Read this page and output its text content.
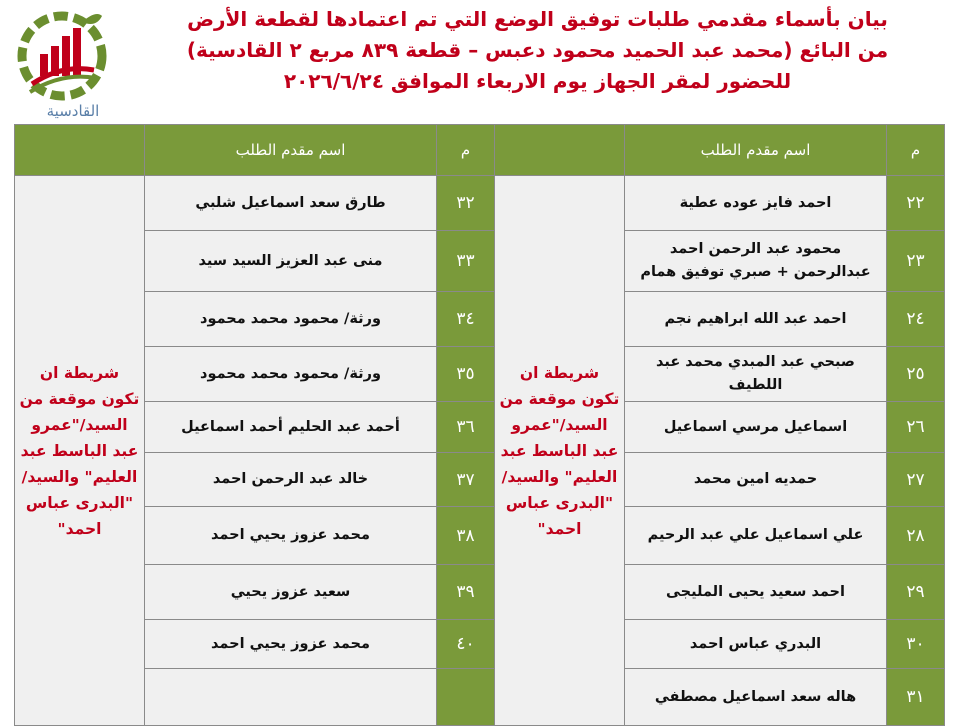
القادسية
بيان بأسماء مقدمي طلبات توفيق الوضع التي تم اعتمادها لقطعة الأرض
من البائع (محمد عبد الحميد محمود دعبس – قطعة ٨٣٩ مربع ٢ القادسية)
للحضور لمقر الجهاز يوم الاربعاء الموافق ٢٠٢٦/٦/٢٤
م	اسم مقدم الطلب		م	اسم مقدم الطلب	
٢٢	احمد فايز عوده عطية	شريطة ان تكون موقعة من السيد/"عمرو عبد الباسط عبد العليم" والسيد/ "البدرى عباس احمد"	٣٢	طارق سعد اسماعيل شلبي	شريطة ان تكون موقعة من السيد/"عمرو عبد الباسط عبد العليم" والسيد/ "البدرى عباس احمد"
٢٣	محمود عبد الرحمن احمد عبدالرحمن + صبري توفيق همام		٣٣	منى عبد العزيز السيد سيد	
٢٤	احمد عبد الله ابراهيم نجم		٣٤	ورثة/ محمود محمد محمود	
٢٥	صبحي عبد المبدي محمد عبد اللطيف		٣٥	ورثة/ محمود محمد محمود	
٢٦	اسماعيل مرسي اسماعيل		٣٦	أحمد عبد الحليم أحمد اسماعيل	
٢٧	حمديه امين محمد		٣٧	خالد عبد الرحمن احمد	
٢٨	علي اسماعيل علي عبد الرحيم		٣٨	محمد عزوز يحيي احمد	
٢٩	احمد سعيد يحيى المليجى		٣٩	سعيد عزوز يحيي	
٣٠	البدري عباس احمد		٤٠	محمد عزوز يحيي احمد	
٣١	هاله سعد اسماعيل مصطفي				
